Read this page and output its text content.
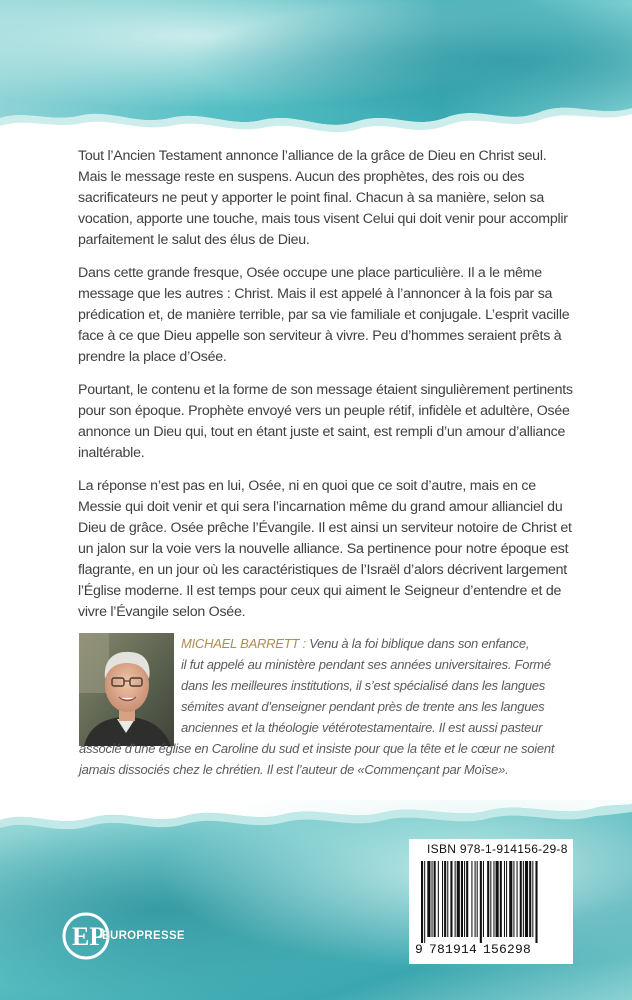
Tout l’Ancien Testament annonce l’alliance de la grâce de Dieu en Christ seul. Mais le message reste en suspens. Aucun des prophètes, des rois ou des sacrificateurs ne peut y apporter le point final. Chacun à sa manière, selon sa vocation, apporte une touche, mais tous visent Celui qui doit venir pour accomplir parfaitement le salut des élus de Dieu.

Dans cette grande fresque, Osée occupe une place particulière. Il a le même message que les autres : Christ. Mais il est appelé à l’annoncer à la fois par sa prédication et, de manière terrible, par sa vie familiale et conjugale. L’esprit vacille face à ce que Dieu appelle son serviteur à vivre. Peu d’hommes seraient prêts à prendre la place d’Osée.

Pourtant, le contenu et la forme de son message étaient singulièrement pertinents pour son époque. Prophète envoyé vers un peuple rétif, infidèle et adultère, Osée annonce un Dieu qui, tout en étant juste et saint, est rempli d’un amour d’alliance inaltérable.

La réponse n’est pas en lui, Osée, ni en quoi que ce soit d’autre, mais en ce Messie qui doit venir et qui sera l’incarnation même du grand amour allianciel du Dieu de grâce. Osée prêche l’Évangile. Il est ainsi un serviteur notoire de Christ et un jalon sur la voie vers la nouvelle alliance. Sa pertinence pour notre époque est flagrante, en un jour où les caractéristiques de l’Israël d’alors décrivent largement l’Église moderne. Il est temps pour ceux qui aiment le Seigneur d’entendre et de vivre l’Évangile selon Osée.

MICHAEL BARRETT : Venu à la foi biblique dans son enfance,
il fut appelé au ministère pendant ses années universitaires. Formé
dans les meilleures institutions, il s’est spécialisé dans les langues
sémites avant d’enseigner pendant près de trente ans les langues
anciennes et la théologie vétérotestamentaire. Il est aussi pasteur
associé d’une église en Caroline du sud et insiste pour que la tête et le cœur ne soient
jamais dissociés chez le chrétien. Il est l’auteur de «Commençant par Moïse».
EP
EUROPRESSE
ISBN 978-1-914156-29-8
9 781914 156298
